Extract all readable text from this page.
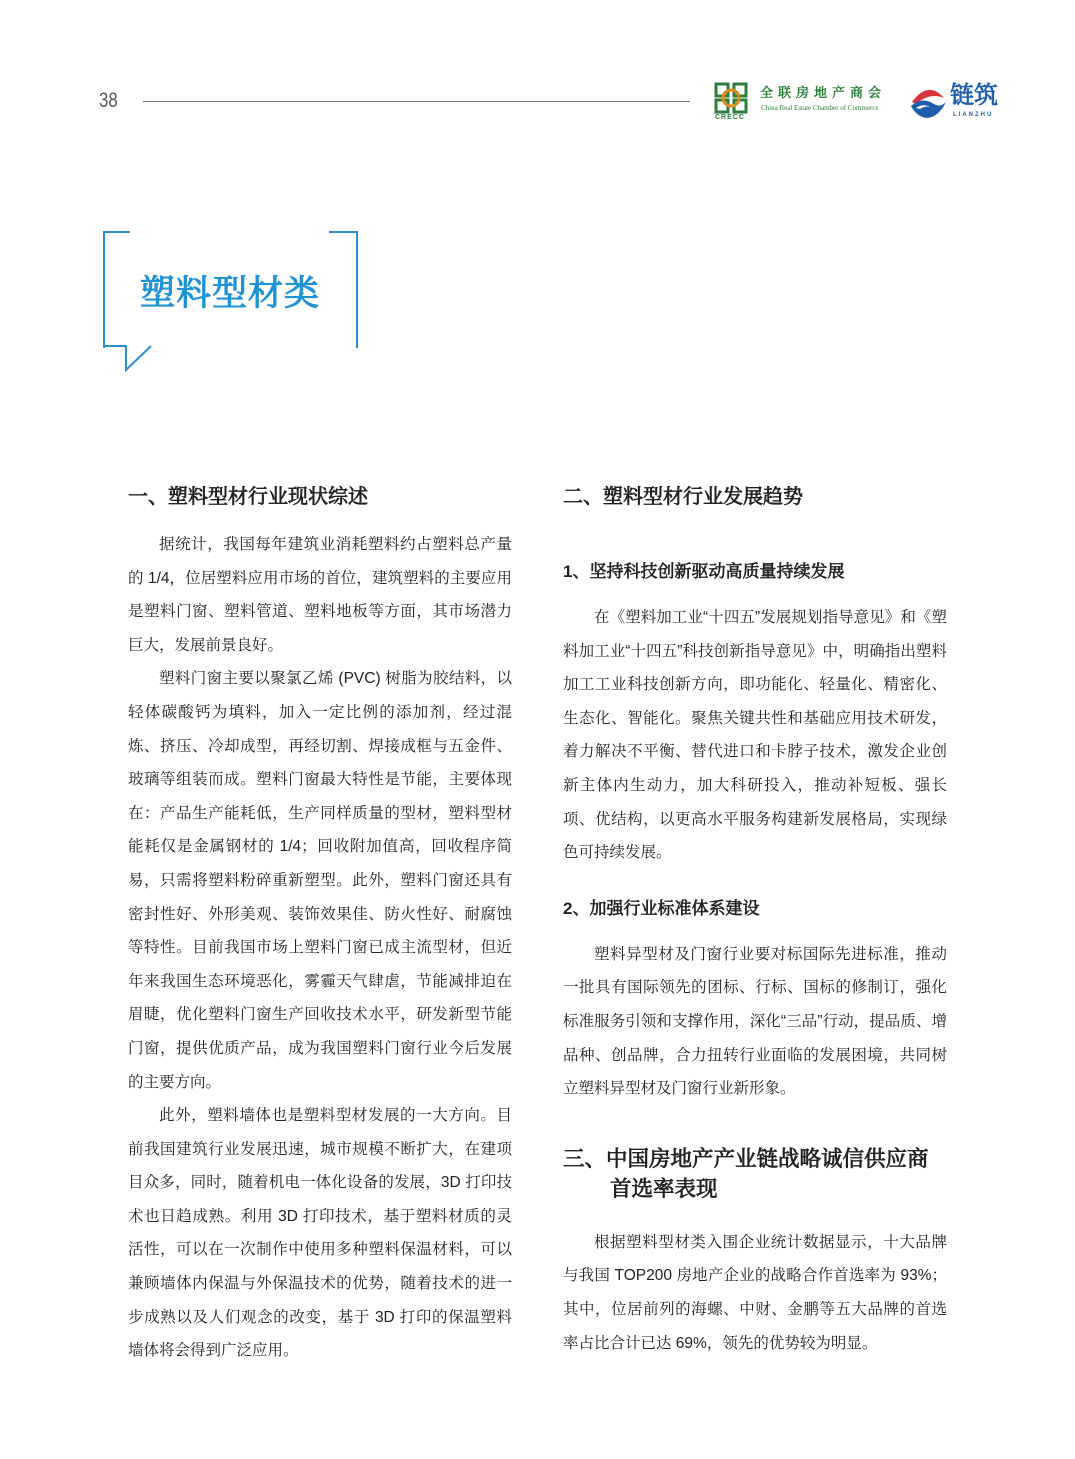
38
CRECC
全联房地产商会
China Real Estate Chamber of Commerce	链筑
LIANZHU
塑料型材类
一、塑料型材行业现状综述
据统计，我国每年建筑业消耗塑料约占塑料总产量的 1/4，位居塑料应用市场的首位，建筑塑料的主要应用是塑料门窗、塑料管道、塑料地板等方面，其市场潜力巨大，发展前景良好。
塑料门窗主要以聚氯乙烯 (PVC) 树脂为胶结料，以轻体碳酸钙为填料，加入一定比例的添加剂，经过混炼、挤压、冷却成型，再经切割、焊接成框与五金件、玻璃等组装而成。塑料门窗最大特性是节能，主要体现在：产品生产能耗低，生产同样质量的型材，塑料型材能耗仅是金属钢材的 1/4；回收附加值高，回收程序简易，只需将塑料粉碎重新塑型。此外，塑料门窗还具有密封性好、外形美观、装饰效果佳、防火性好、耐腐蚀等特性。目前我国市场上塑料门窗已成主流型材，但近年来我国生态环境恶化，雾霾天气肆虐，节能减排迫在眉睫，优化塑料门窗生产回收技术水平，研发新型节能门窗，提供优质产品，成为我国塑料门窗行业今后发展的主要方向。
此外，塑料墙体也是塑料型材发展的一大方向。目前我国建筑行业发展迅速，城市规模不断扩大，在建项目众多，同时，随着机电一体化设备的发展，3D 打印技术也日趋成熟。利用 3D 打印技术，基于塑料材质的灵活性，可以在一次制作中使用多种塑料保温材料，可以兼顾墙体内保温与外保温技术的优势，随着技术的进一步成熟以及人们观念的改变，基于 3D 打印的保温塑料墙体将会得到广泛应用。
二、塑料型材行业发展趋势
1、坚持科技创新驱动高质量持续发展
在《塑料加工业“十四五”发展规划指导意见》和《塑料加工业“十四五”科技创新指导意见》中，明确指出塑料加工工业科技创新方向，即功能化、轻量化、精密化、生态化、智能化。聚焦关键共性和基础应用技术研发，着力解决不平衡、替代进口和卡脖子技术，激发企业创新主体内生动力，加大科研投入，推动补短板、强长项、优结构，以更高水平服务构建新发展格局，实现绿色可持续发展。
2、加强行业标准体系建设
塑料异型材及门窗行业要对标国际先进标准，推动一批具有国际领先的团标、行标、国标的修制订，强化标准服务引领和支撑作用，深化“三品”行动，提品质、增品种、创品牌，合力扭转行业面临的发展困境，共同树立塑料异型材及门窗行业新形象。
三、中国房地产产业链战略诚信供应商首选率表现
根据塑料型材类入围企业统计数据显示，十大品牌与我国 TOP200 房地产企业的战略合作首选率为 93%；其中，位居前列的海螺、中财、金鹏等五大品牌的首选率占比合计已达 69%，领先的优势较为明显。
